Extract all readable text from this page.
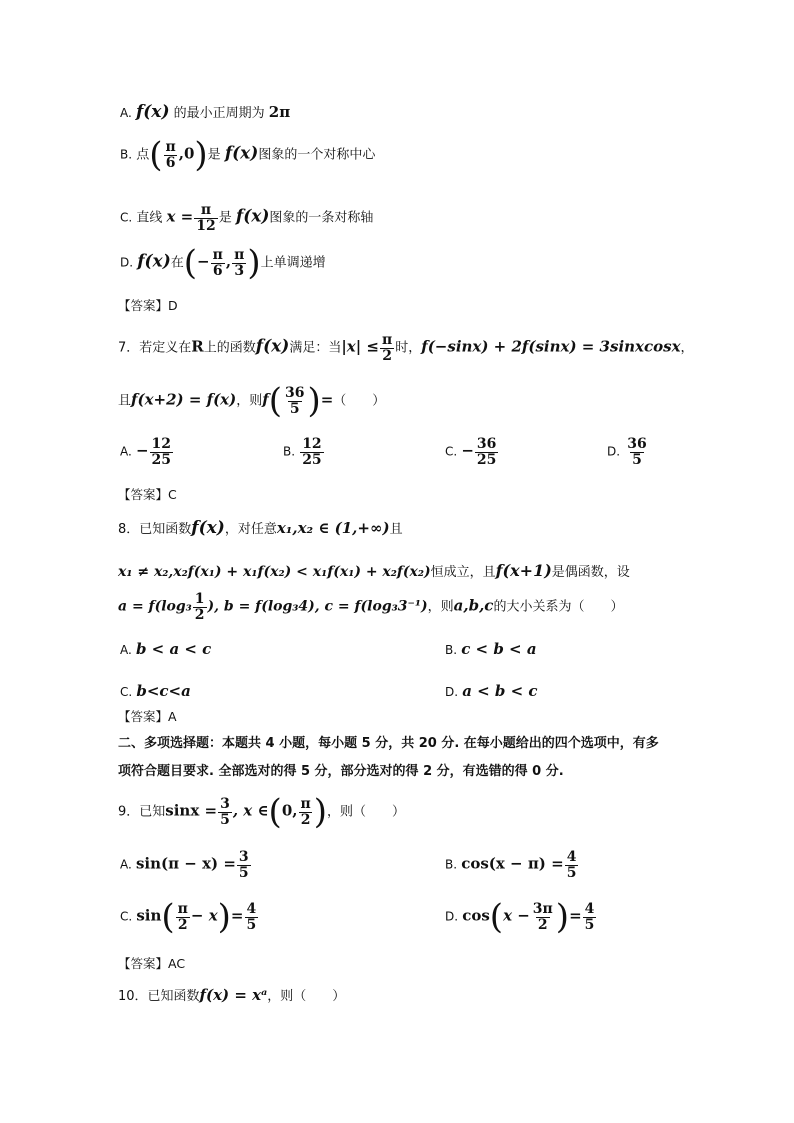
A. f(x) 的最小正周期为 2π
B. 点( $\frac{\pi}{6} ,0$)是 f(x)图象的一个对称中心
C. 直线 $x = \frac{\pi}{12}$ 是 f(x)图象的一条对称轴
D. f(x)在(− $\frac{\pi}{6}$ , $\frac{\pi}{3}$ )上单调递增
【答案】D
7．若定义在R上的函数f(x)满足：当$|x| \le \frac{\pi}{2}$ 时，f(−sinx) + 2f(sinx) = 3sinxcosx，
且f(x+2) = f(x)，则$f( \frac{36}{5}$ )=（　　）
A. − $\frac{12}{25}$	B. $\frac{12}{25}$	C. − $\frac{36}{25}$	D. $\frac{36}{5}$
【答案】C
8．已知函数f(x)，对任意x₁,x₂ ∈ (1,+∞)且
x₁ ≠ x₂,x₂f(x₁) + x₁f(x₂) < x₁f(x₁) + x₂f(x₂)恒成立，且f(x+1)是偶函数，设
$a = f(\log_3 \frac{1}{2}$ ), b = f(log₃4), c = f(log₃3⁻¹)，则a,b,c的大小关系为（　　）
A. b < a < c	B. c < b < a
C. b<c<a	D. a < b < c
【答案】A
二、多项选择题：本题共 4 小题，每小题 5 分，共 20 分. 在每小题给出的四个选项中，有多
项符合题目要求. 全部选对的得 5 分，部分选对的得 2 分，有选错的得 0 分.
9．已知$\sin x = \frac{3}{5}$ , x ∈(0, $\frac{\pi}{2}$ )，则（　　）
A. $\sin(\pi - x) = \frac{3}{5}$	B. $\cos(x - \pi) = \frac{4}{5}$
C. $\sin( \frac{\pi}{2} - x)= \frac{4}{5}$	D. $\cos(x - \frac{3\pi}{2}$ )= $\frac{4}{5}$
【答案】AC
10．已知函数f(x) = xᵃ，则（　　）
